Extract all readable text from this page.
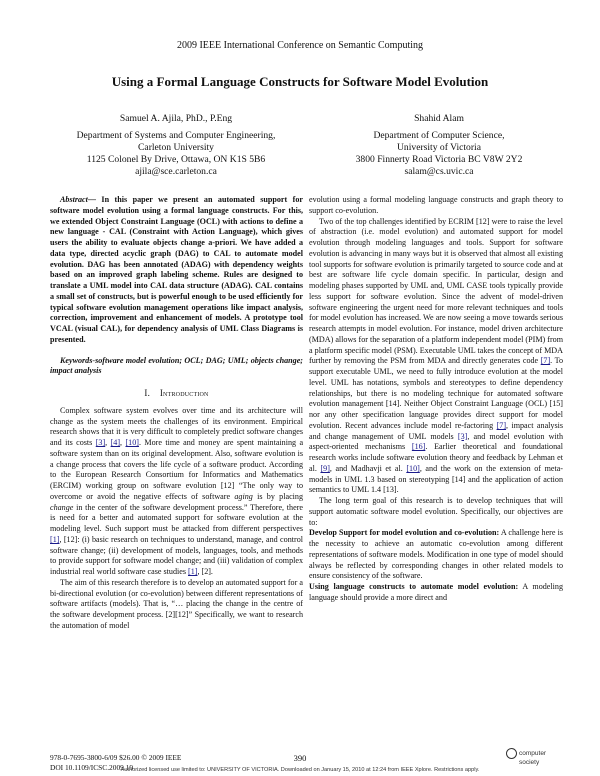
2009 IEEE International Conference on Semantic Computing
Using a Formal Language Constructs for Software Model Evolution
Samuel A. Ajila, PhD., P.Eng
Department of Systems and Computer Engineering,
Carleton University
1125 Colonel By Drive, Ottawa, ON K1S 5B6
ajila@sce.carleton.ca
Shahid Alam
Department of Computer Science,
University of Victoria
3800 Finnerty Road Victoria BC V8W 2Y2
salam@cs.uvic.ca

Abstract— In this paper we present an automated support for software model evolution using a formal language constructs. For this, we extended Object Constraint Language (OCL) with actions to define a new language - CAL (Constraint with Action Language), which gives users the ability to evaluate objects change a-priori. We have added a data type, directed acyclic graph (DAG) to CAL to automate model evolution. DAG has been annotated (ADAG) with dependency weights based on an improved graph labeling scheme. Rules are designed to translate a UML model into CAL data structure (ADAG). CAL contains a small set of constructs, but is powerful enough to be used efficiently for typical software evolution management operations like impact analysis, correction, improvement and enhancement of models. A prototype tool VCAL (visual CAL), for dependency analysis of UML Class Diagrams is presented.

Keywords-software model evolution; OCL; DAG; UML; objects change; impact analysis

I. Introduction

Complex software system evolves over time and its architecture will change as the system meets the challenges of its environment. Empirical research shows that it is very difficult to completely predict software changes and its costs [3], [4], [10]. More time and money are spent maintaining a software system than on its original development. Also, software evolution is a change process that covers the life cycle of a software product. According to the European Research Consortium for Informatics and Mathematics (ERCIM) working group on software evolution [12] “The only way to overcome or avoid the negative effects of software aging is by placing change in the center of the software development process.” Therefore, there is need for a better and automated support for software evolution at the modeling level. Such support must be attacked from different perspectives [1], [12]: (i) basic research on techniques to understand, manage, and control software change; (ii) development of models, languages, tools, and methods to provide support for software model change; and (iii) validation of complex industrial real world software case studies [1], [2].

The aim of this research therefore is to develop an automated support for a bi-directional evolution (or co-evolution) between different representations of software artifacts (models). That is, “… placing the change in the centre of the software development process. [2][12]” Specifically, we want to research the automation of model

evolution using a formal modeling language constructs and graph theory to support co-evolution.

Two of the top challenges identified by ECRIM [12] were to raise the level of abstraction (i.e. model evolution) and automated support for model evolution through modeling languages and tools. Support for software evolution is advancing in many ways but it is observed that almost all existing tool supports for software evolution is primarily targeted to source code and at best are software life cycle domain specific. In particular, design and modeling phases supported by UML and, UML CASE tools typically provide less support for software evolution. Since the advent of model-driven software engineering the urgent need for more relevant techniques and tools for model evolution has increased. We are now seeing a move towards serious research attempts in model evolution. For instance, model driven architecture (MDA) allows for the separation of a platform independent model (PIM) from a platform specific model (PSM). Executable UML takes the concept of MDA further by removing the PSM from MDA and directly generates code [7]. To support executable UML, we need to fully introduce evolution at the model level. UML has notations, symbols and stereotypes to define dependency relationships, but there is no modeling technique for automated software evolution management [14]. Neither Object Constraint Language (OCL) [15] nor any other specification language provides direct support for model evolution. Recent advances include model re-factoring [7], impact analysis and change management of UML models [3], and model evolution with aspect-oriented mechanisms [16]. Earlier theoretical and foundational research works include software evolution theory and feedback by Lehman et al. [9], and Madhavji et al. [10], and the work on the extension of meta-models in UML 1.3 based on stereotyping [14] and the application of action semantics to UML 1.4 [13].

The long term goal of this research is to develop techniques that will support automatic software model evolution. Specifically, our objectives are to:

Develop Support for model evolution and co-evolution: A challenge here is the necessity to achieve an automatic co-evolution among different representations of software models. Modification in one type of model should always be reflected by corresponding changes in other related models to ensure consistency of the software.

Using language constructs to automate model evolution: A modeling language should provide a more direct and

978-0-7695-3800-6/09 $26.00 © 2009 IEEE
DOI 10.1109/ICSC.2009.19
390	computer
society
Authorized licensed use limited to: UNIVERSITY OF VICTORIA. Downloaded on January 15, 2010 at 12:24 from IEEE Xplore. Restrictions apply.
